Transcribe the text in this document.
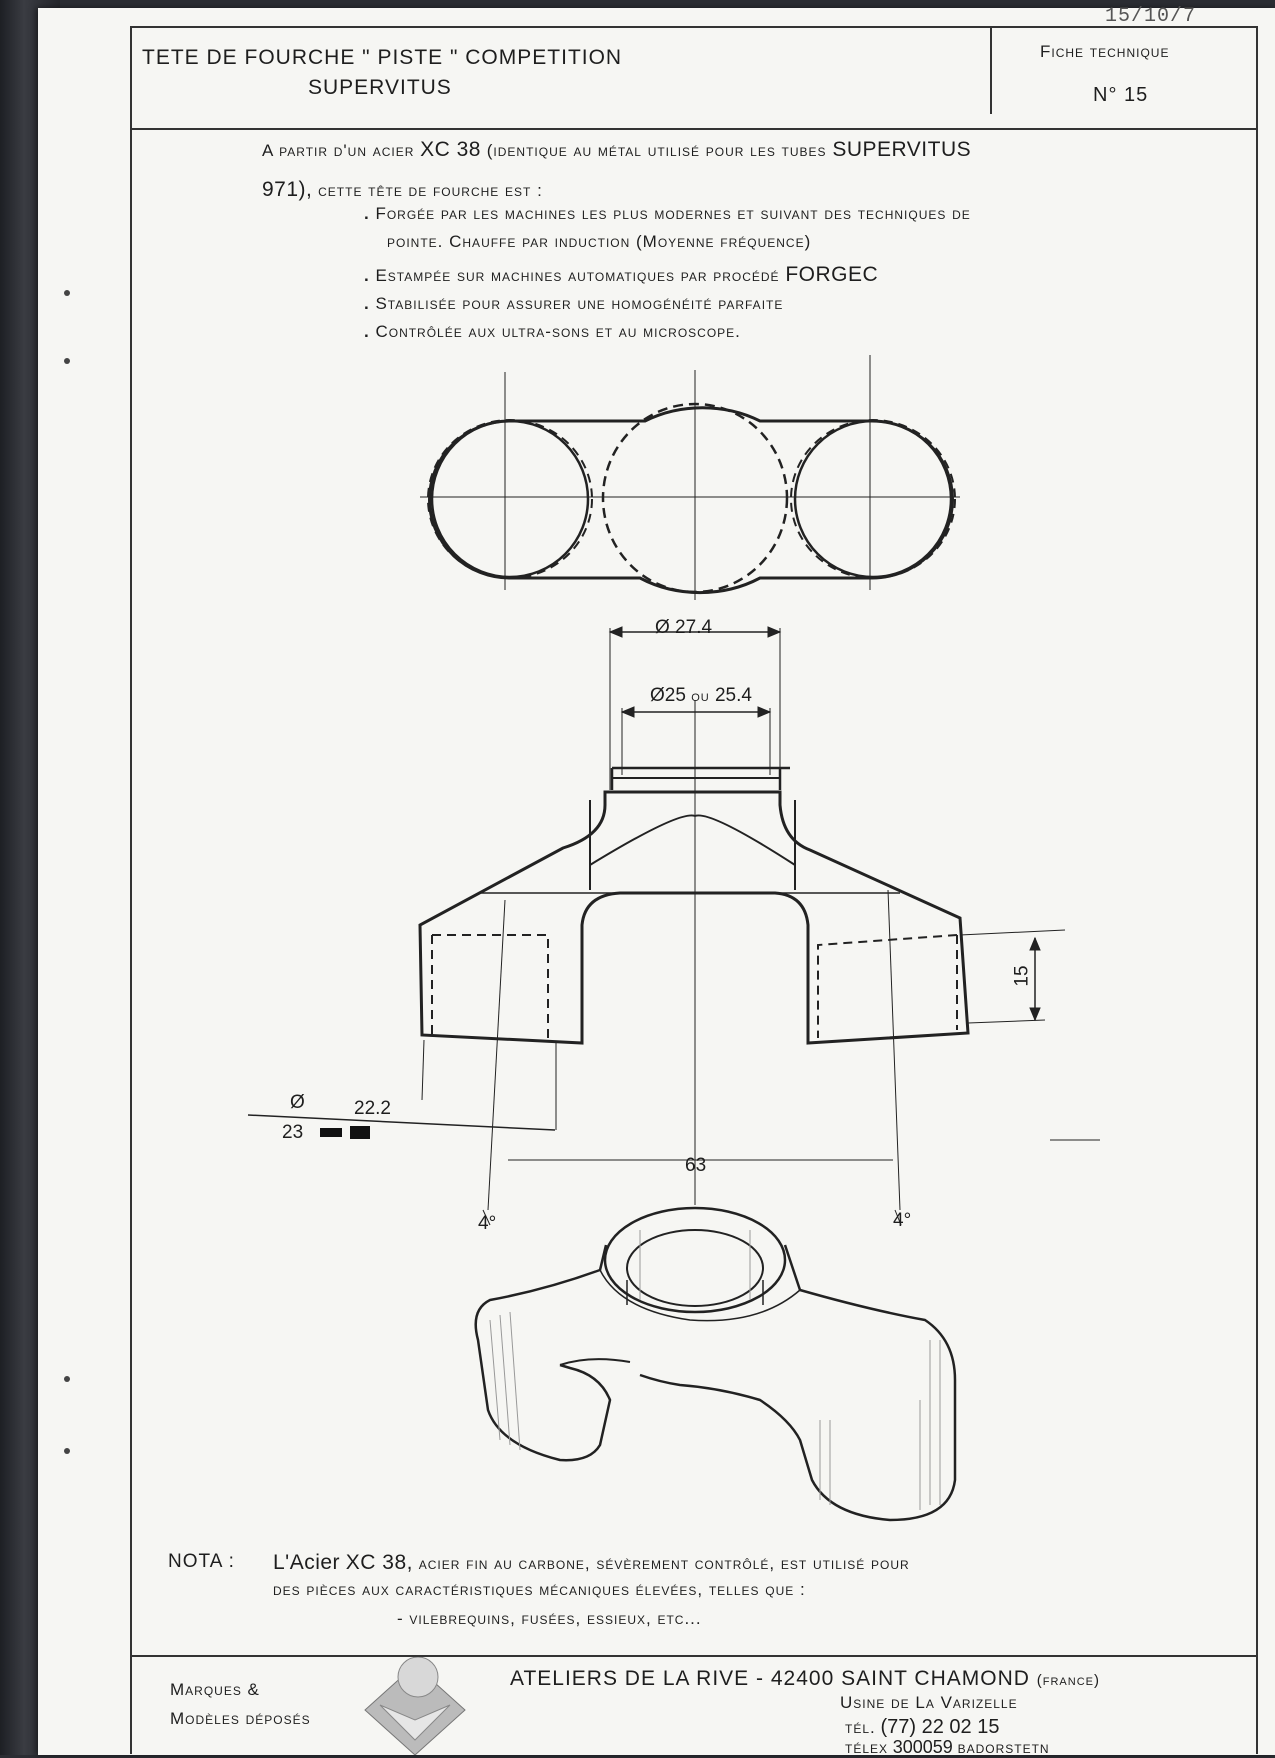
15/10/7
TETE DE FOURCHE " PISTE " COMPETITION
SUPERVITUS
Fiche technique
N° 15
A partir d'un acier XC 38 (identique au métal utilisé pour les tubes SUPERVITUS
971), cette tête de fourche est :
. Forgée par les machines les plus modernes et suivant des techniques de
pointe. Chauffe par induction (Moyenne fréquence)
. Estampée sur machines automatiques par procédé FORGEC
. Stabilisée pour assurer une homogénéité parfaite
. Contrôlée aux ultra-sons et au microscope.
Ø 27.4
Ø25 ou 25.4
15
Ø	22.2
23
63
4°	4°
NOTA : L'Acier XC 38, acier fin au carbone, sévèrement contrôlé, est utilisé pour
des pièces aux caractéristiques mécaniques élevées, telles que :
- vilebrequins, fusées, essieux, etc...
Marques &
Modèles déposés
ATELIERS DE LA RIVE - 42400 SAINT CHAMOND (france)
Usine de La Varizelle
tél. (77) 22 02 15
télex 300059 badorstetn
